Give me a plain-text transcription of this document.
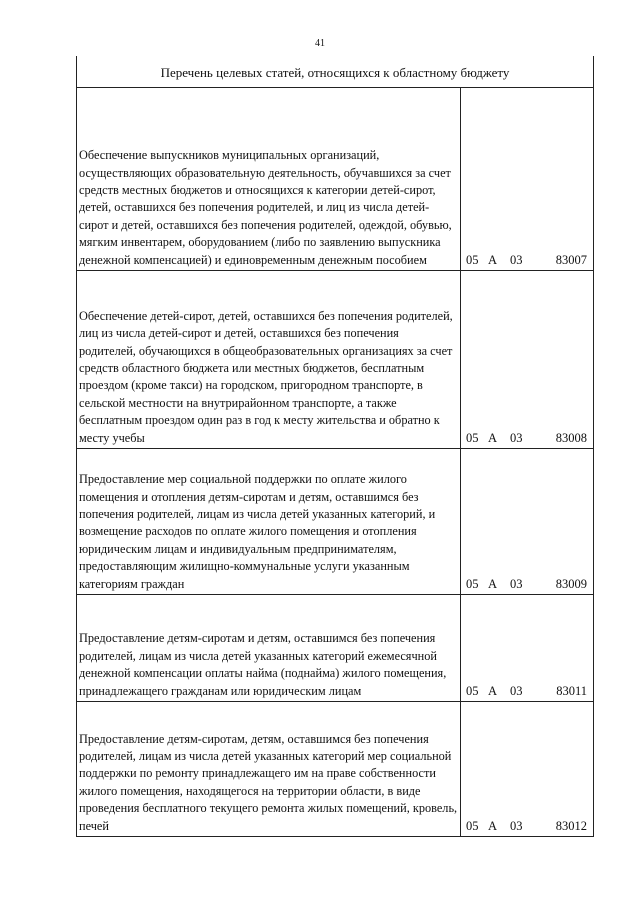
41
Перечень целевых статей, относящихся к областному бюджету
Обеспечение выпускников муниципальных организаций, осуществляющих образовательную деятельность, обучавшихся за счет средств местных бюджетов и относящихся к категории детей-сирот, детей, оставшихся без попечения родителей, и лиц из числа детей-сирот и детей, оставшихся без попечения родителей, одеждой, обувью, мягким инвентарем, оборудованием (либо по заявлению выпускника денежной компенсацией) и единовременным денежным пособием	05 А	03	83007
Обеспечение детей-сирот, детей, оставшихся без попечения родителей, лиц из числа детей-сирот и детей, оставшихся без попечения родителей, обучающихся в общеобразовательных организациях за счет средств областного бюджета или местных бюджетов, бесплатным проездом (кроме такси) на городском, пригородном транспорте, в сельской местности на внутрирайонном транспорте, а также бесплатным проездом один раз в год к месту жительства и обратно к месту учебы	05 А	03	83008
Предоставление мер социальной поддержки по оплате жилого помещения и отопления детям-сиротам и детям, оставшимся без попечения родителей, лицам из числа детей указанных категорий, и возмещение расходов по оплате жилого помещения и отопления юридическим лицам и индивидуальным предпринимателям, предоставляющим жилищно-коммунальные услуги указанным категориям граждан	05 А	03	83009
Предоставление детям-сиротам и детям, оставшимся без попечения родителей, лицам из числа детей указанных категорий ежемесячной денежной компенсации оплаты найма (поднайма) жилого помещения, принадлежащего гражданам или юридическим лицам	05 А	03	83011
Предоставление детям-сиротам, детям, оставшимся без попечения родителей, лицам из числа детей указанных категорий мер социальной поддержки по ремонту принадлежащего им на праве собственности жилого помещения, находящегося на территории области, в виде проведения бесплатного текущего ремонта жилых помещений, кровель, печей	05 А	03	83012
